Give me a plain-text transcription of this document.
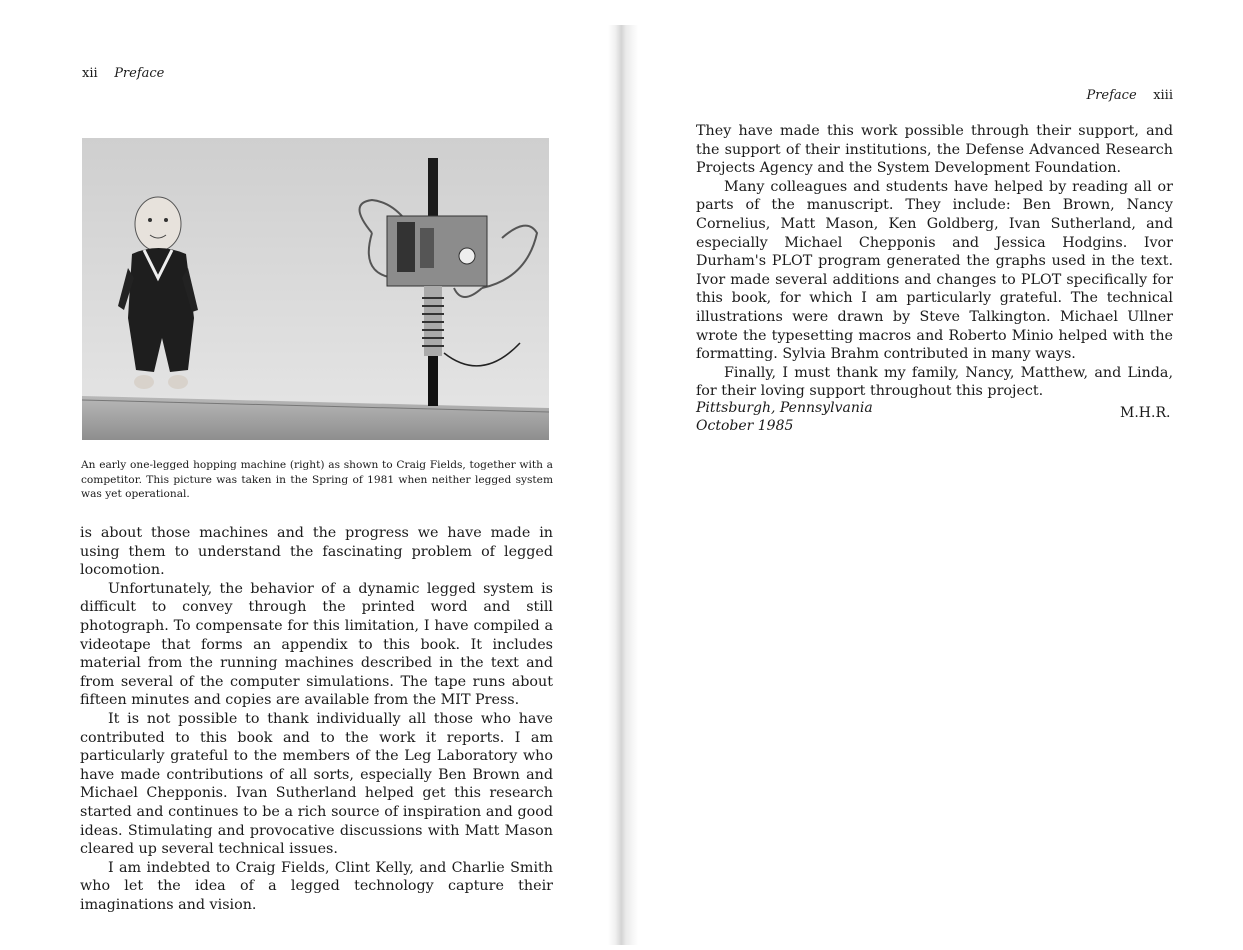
xii Preface
An early one-legged hopping machine (right) as shown to Craig Fields, together with a competitor. This picture was taken in the Spring of 1981 when neither legged system was yet operational.

is about those machines and the progress we have made in using them to understand the fascinating problem of legged locomotion.

Unfortunately, the behavior of a dynamic legged system is difficult to convey through the printed word and still photograph. To compensate for this limitation, I have compiled a videotape that forms an appendix to this book. It includes material from the running machines described in the text and from several of the computer simulations. The tape runs about fifteen minutes and copies are available from the MIT Press.

It is not possible to thank individually all those who have contributed to this book and to the work it reports. I am particularly grateful to the members of the Leg Laboratory who have made contributions of all sorts, especially Ben Brown and Michael Chepponis. Ivan Sutherland helped get this research started and continues to be a rich source of inspiration and good ideas. Stimulating and provocative discussions with Matt Mason cleared up several technical issues.

I am indebted to Craig Fields, Clint Kelly, and Charlie Smith who let the idea of a legged technology capture their imaginations and vision.

Preface xiii

They have made this work possible through their support, and the support of their institutions, the Defense Advanced Research Projects Agency and the System Development Foundation.

Many colleagues and students have helped by reading all or parts of the manuscript. They include: Ben Brown, Nancy Cornelius, Matt Mason, Ken Goldberg, Ivan Sutherland, and especially Michael Chepponis and Jessica Hodgins. Ivor Durham's PLOT program generated the graphs used in the text. Ivor made several additions and changes to PLOT specifically for this book, for which I am particularly grateful. The technical illustrations were drawn by Steve Talkington. Michael Ullner wrote the typesetting macros and Roberto Minio helped with the formatting. Sylvia Brahm contributed in many ways.

Finally, I must thank my family, Nancy, Matthew, and Linda, for their loving support throughout this project.

Pittsburgh, Pennsylvania
October 1985
M.H.R.
